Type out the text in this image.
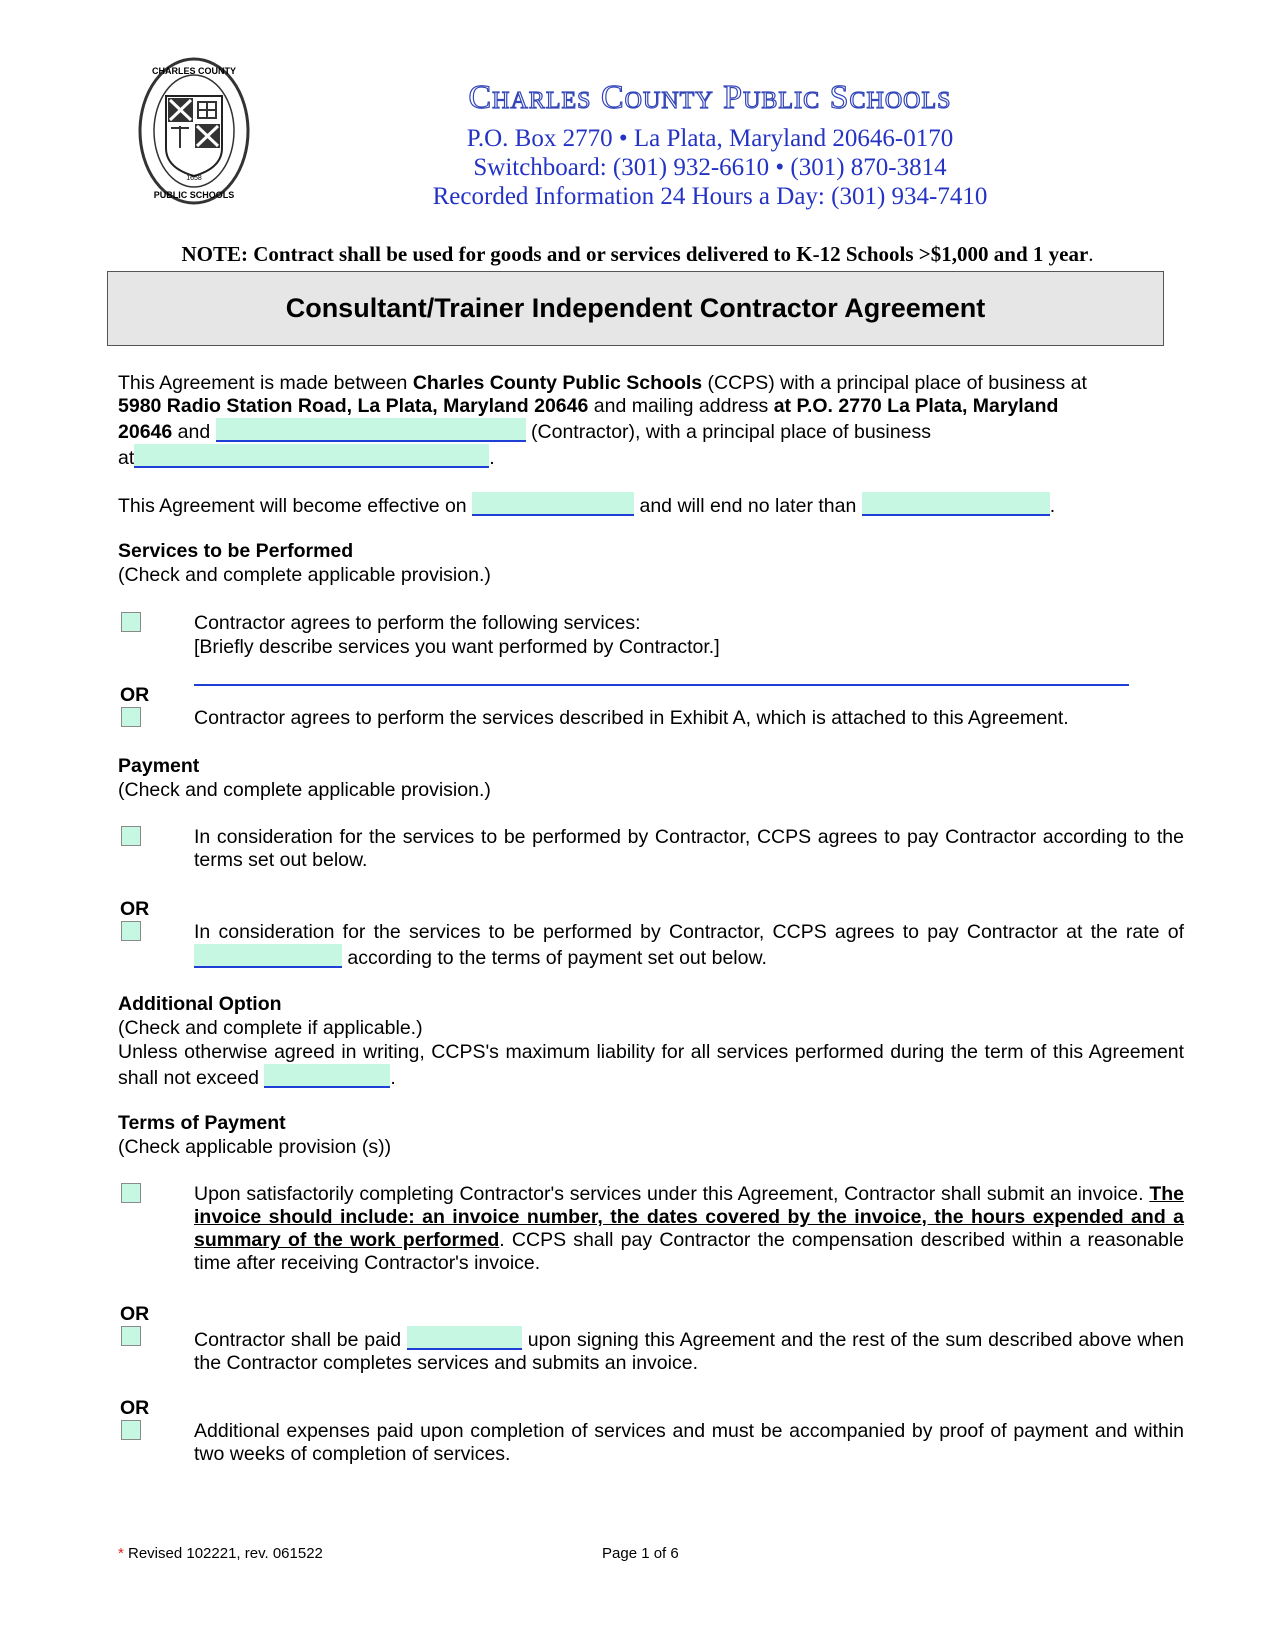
1658
CHARLES COUNTY
PUBLIC SCHOOLS
Charles County Public Schools
P.O. Box 2770 • La Plata, Maryland 20646-0170
Switchboard: (301) 932-6610 • (301) 870-3814
Recorded Information 24 Hours a Day: (301) 934-7410
NOTE: Contract shall be used for goods and or services delivered to K-12 Schools >$1,000 and 1 year.
Consultant/Trainer Independent Contractor Agreement
This Agreement is made between Charles County Public Schools (CCPS) with a principal place of business at
5980 Radio Station Road, La Plata, Maryland 20646 and mailing address at P.O. 2770 La Plata, Maryland
20646 and	(Contractor), with a principal place of business
at	.
This Agreement will become effective on	and will end no later than	.
Services to be Performed
(Check and complete applicable provision.)
Contractor agrees to perform the following services:
[Briefly describe services you want performed by Contractor.]
OR
Contractor agrees to perform the services described in Exhibit A, which is attached to this Agreement.
Payment
(Check and complete applicable provision.)
In consideration for the services to be performed by Contractor, CCPS agrees to pay Contractor according to the terms set out below.
OR
In consideration for the services to be performed by Contractor, CCPS agrees to pay Contractor at the rate of  according to the terms of payment set out below.
Additional Option
(Check and complete if applicable.)
Unless otherwise agreed in writing, CCPS's maximum liability for all services performed during the term of this Agreement shall not exceed	.
Terms of Payment
(Check applicable provision (s))
Upon satisfactorily completing Contractor's services under this Agreement, Contractor shall submit an invoice. The invoice should include: an invoice number, the dates covered by the invoice, the hours expended and a summary of the work performed. CCPS shall pay Contractor the compensation described within a reasonable time after receiving Contractor's invoice.
OR
Contractor shall be paid	upon signing this Agreement and the rest of the sum described above when the Contractor completes services and submits an invoice.
OR
Additional expenses paid upon completion of services and must be accompanied by proof of payment and within two weeks of completion of services.
* Revised 102221, rev. 061522	Page 1 of 6
